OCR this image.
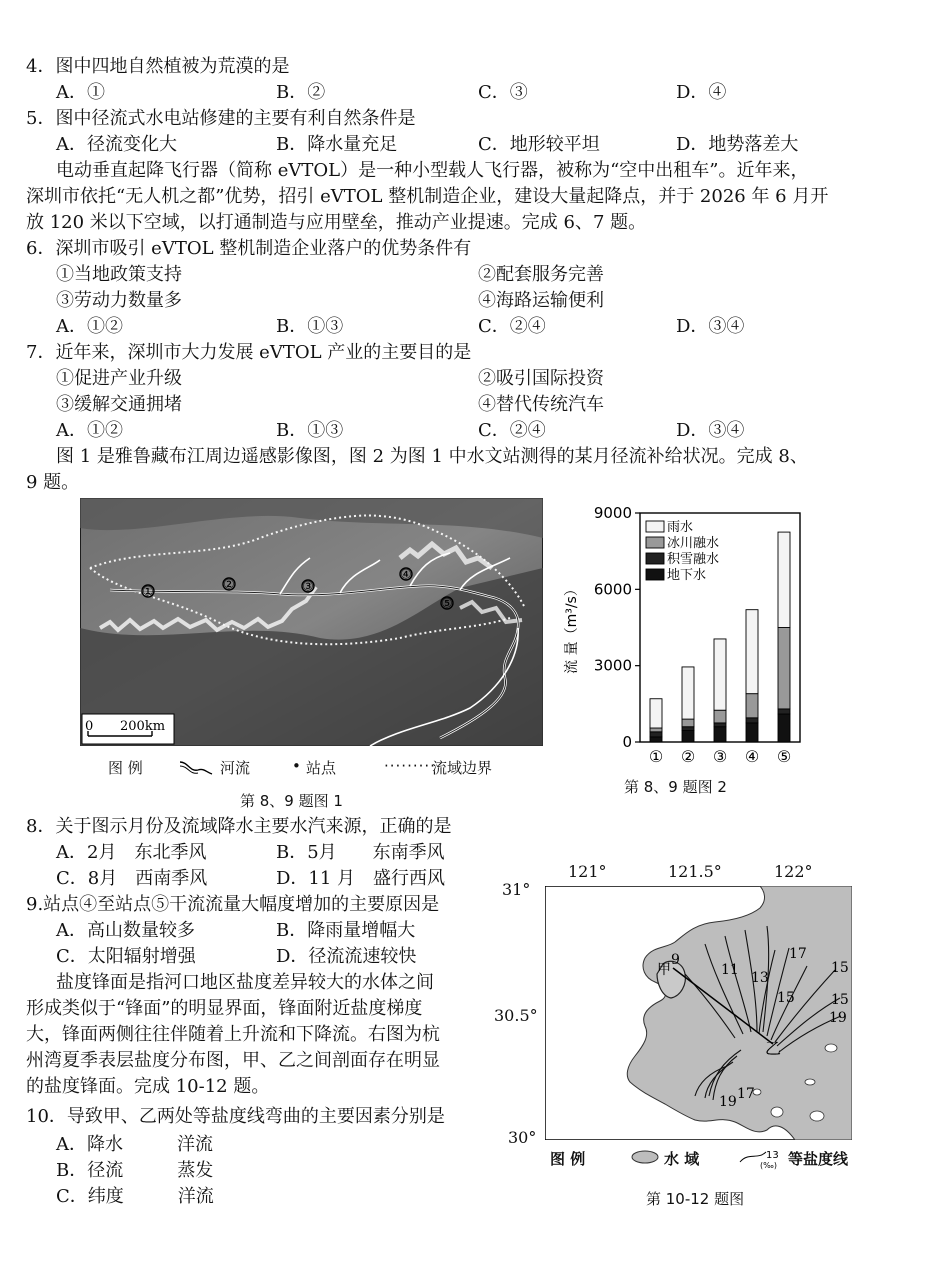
4．图中四地自然植被为荒漠的是
A．①	B．②	C．③	D．④
5．图中径流式水电站修建的主要有利自然条件是
A．径流变化大	B．降水量充足	C．地形较平坦	D．地势落差大
电动垂直起降飞行器（简称 eVTOL）是一种小型载人飞行器，被称为“空中出租车”。近年来，
深圳市依托“无人机之都”优势，招引 eVTOL 整机制造企业，建设大量起降点，并于 2026 年 6 月开
放 120 米以下空域，以打通制造与应用壁垒，推动产业提速。完成 6、7 题。
6．深圳市吸引 eVTOL 整机制造企业落户的优势条件有
①当地政策支持	②配套服务完善
③劳动力数量多	④海路运输便利
A．①②	B．①③	C．②④	D．③④
7．近年来，深圳市大力发展 eVTOL 产业的主要目的是
①促进产业升级	②吸引国际投资
③缓解交通拥堵	④替代传统汽车
A．①②	B．①③	C．②④	D．③④
图 1 是雅鲁藏布江周边遥感影像图，图 2 为图 1 中水文站测得的某月径流补给状况。完成 8、
9 题。
①	②	③
④
⑤
0 200km
图 例	河流	• 站点	·········
流域边界
第 8、9 题图 1
流 量（m³/s）
0
3000
6000
9000
① ② ③ ④ ⑤
雨水
冰川融水
积雪融水
地下水
第 8、9 题图 2
8．关于图示月份及流域降水主要水汽来源，正确的是
A．2月　东北季风	B．5月　　东南季风
C．8月　西南季风	D．11 月　盛行西风
9.站点④至站点⑤干流流量大幅度增加的主要原因是
A．高山数量较多	B．降雨量增幅大
C．太阳辐射增强	D．径流流速较快
盐度锋面是指河口地区盐度差异较大的水体之间
形成类似于“锋面”的明显界面，锋面附近盐度梯度
大，锋面两侧往往伴随着上升流和下降流。右图为杭
州湾夏季表层盐度分布图，甲、乙之间剖面存在明显
的盐度锋面。完成 10-12 题。
10．导致甲、乙两处等盐度线弯曲的主要因素分别是
A．降水　　　洋流
B．径流　　　蒸发
C．纬度　　　洋流
121°	121.5°	122°
31°
30.5°
30°
甲
乙
9
11 13
15
17
15
15
19
19 17
图 例	水 域	13
(‰) 等盐度线
第 10-12 题图
